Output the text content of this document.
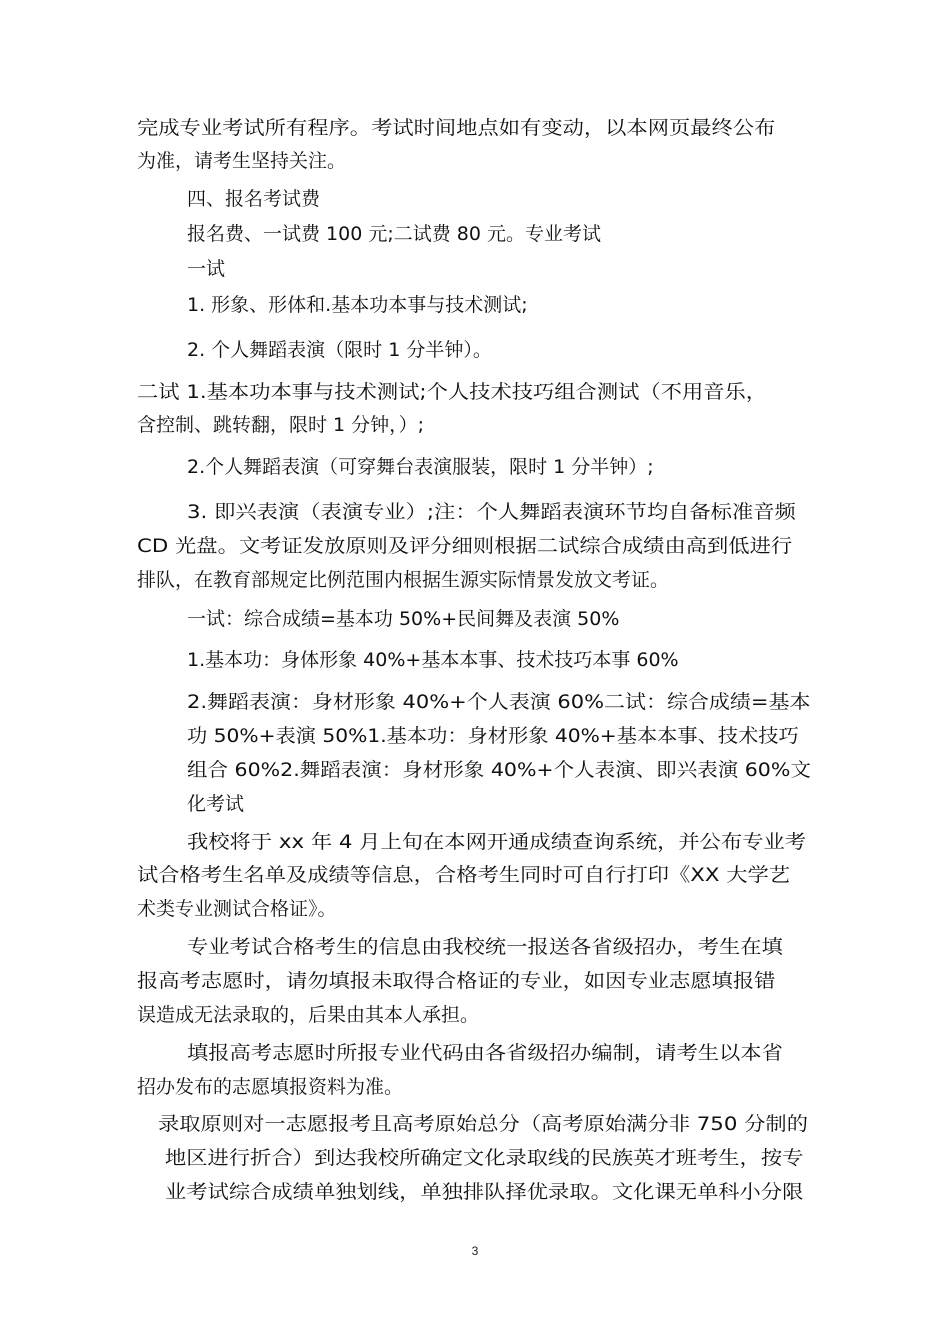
完成专业考试所有程序。考试时间地点如有变动，以本网页最终公布
为准，请考生坚持关注。
四、报名考试费
报名费、一试费 100 元;二试费 80 元。专业考试
一试
1. 形象、形体和.基本功本事与技术测试;
2. 个人舞蹈表演（限时 1 分半钟）。
二试 1.基本功本事与技术测试;个人技术技巧组合测试（不用音乐，
含控制、跳转翻，限时 1 分钟，）;
2.个人舞蹈表演（可穿舞台表演服装，限时 1 分半钟）;
3. 即兴表演（表演专业）;注：个人舞蹈表演环节均自备标准音频
CD 光盘。文考证发放原则及评分细则根据二试综合成绩由高到低进行
排队，在教育部规定比例范围内根据生源实际情景发放文考证。
一试：综合成绩=基本功 50%+民间舞及表演 50%
1.基本功：身体形象 40%+基本本事、技术技巧本事 60%
2.舞蹈表演：身材形象 40%+个人表演 60%二试：综合成绩=基本
功 50%+表演 50%1.基本功：身材形象 40%+基本本事、技术技巧
组合 60%2.舞蹈表演：身材形象 40%+个人表演、即兴表演 60%文
化考试
我校将于 xx 年 4 月上旬在本网开通成绩查询系统，并公布专业考
试合格考生名单及成绩等信息，合格考生同时可自行打印《XX 大学艺
术类专业测试合格证》。
专业考试合格考生的信息由我校统一报送各省级招办，考生在填
报高考志愿时，请勿填报未取得合格证的专业，如因专业志愿填报错
误造成无法录取的，后果由其本人承担。
填报高考志愿时所报专业代码由各省级招办编制，请考生以本省
招办发布的志愿填报资料为准。
录取原则对一志愿报考且高考原始总分（高考原始满分非 750 分制的
地区进行折合）到达我校所确定文化录取线的民族英才班考生，按专
业考试综合成绩单独划线，单独排队择优录取。文化课无单科小分限
3
